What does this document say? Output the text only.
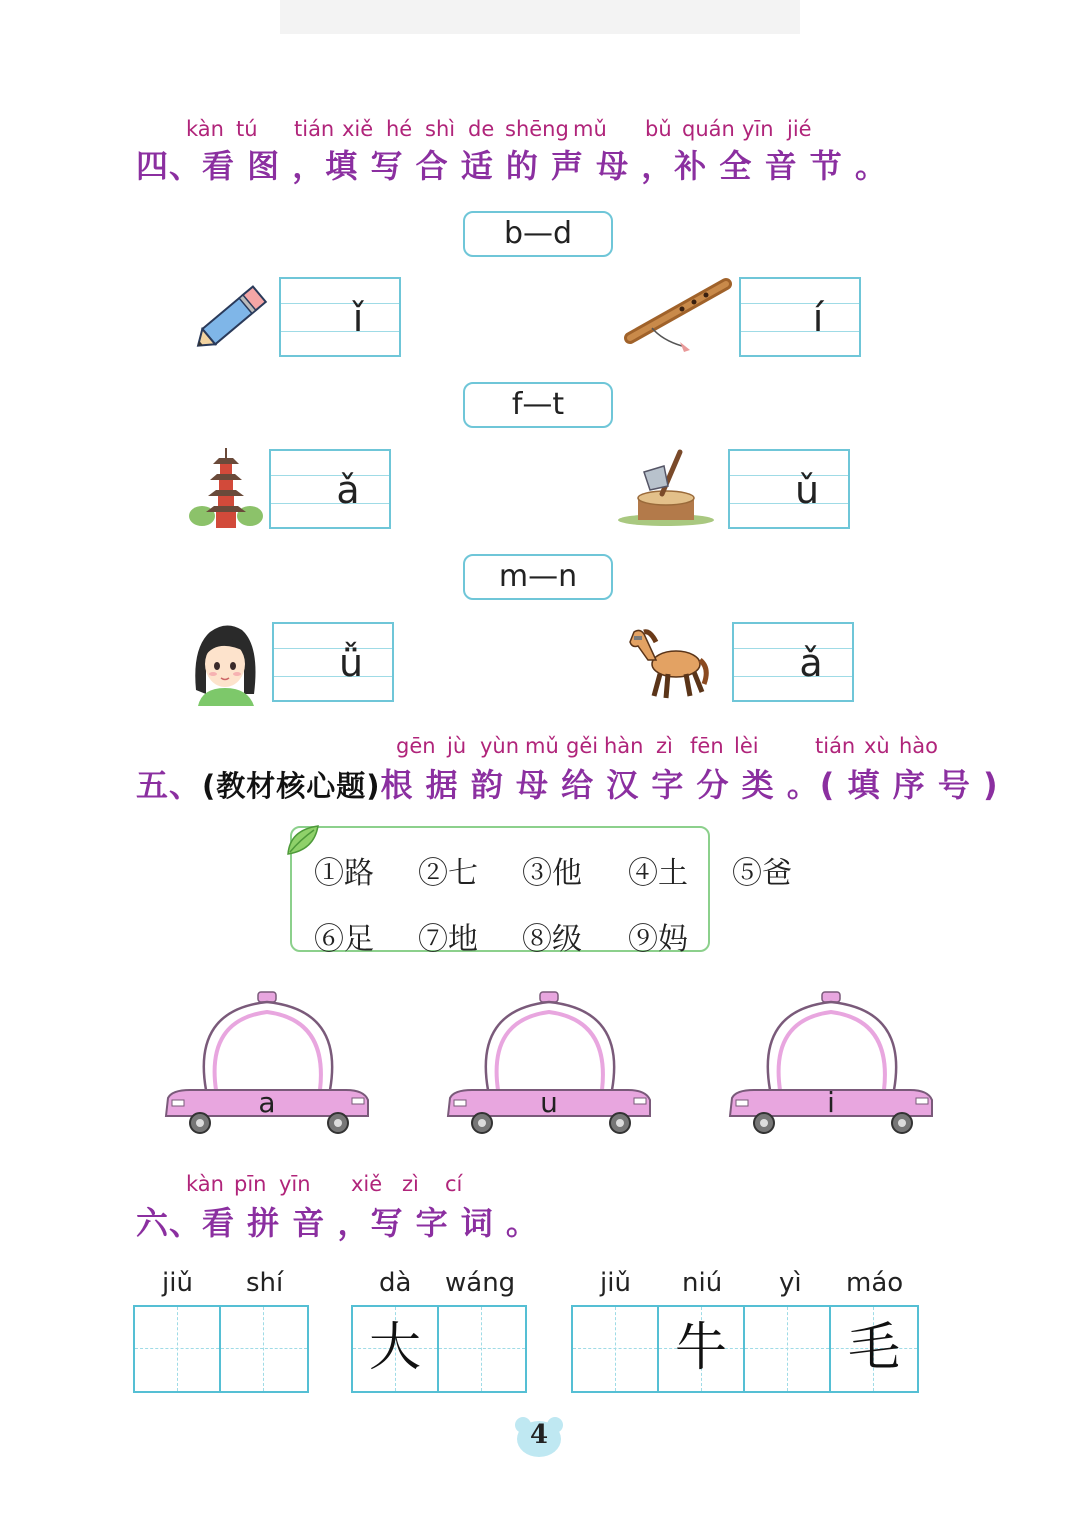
kàn tú tián xiě hé shì de shēng mǔ bǔ quán yīn jié
四、看 图 ，填 写 合 适 的 声 母 ，补 全 音 节 。
b—d
ǐ	í
f—t
ǎ	ǔ
m—n
ǚ	ǎ
gēn jù yùn mǔ gěi hàn zì fēn lèi	tián xù hào
五、(教材核心题)根 据 韵 母 给 汉 字 分 类 。( 填 序 号 )
①路 ②七 ③他 ④土 ⑤爸
⑥足 ⑦地 ⑧级 ⑨妈
a	u	i
kàn pīn yīn xiě zì cí
六、看 拼 音 ，写 字 词 。
jiǔ shí	dà wáng
大
jiǔ niú yì máo
牛	毛
4
